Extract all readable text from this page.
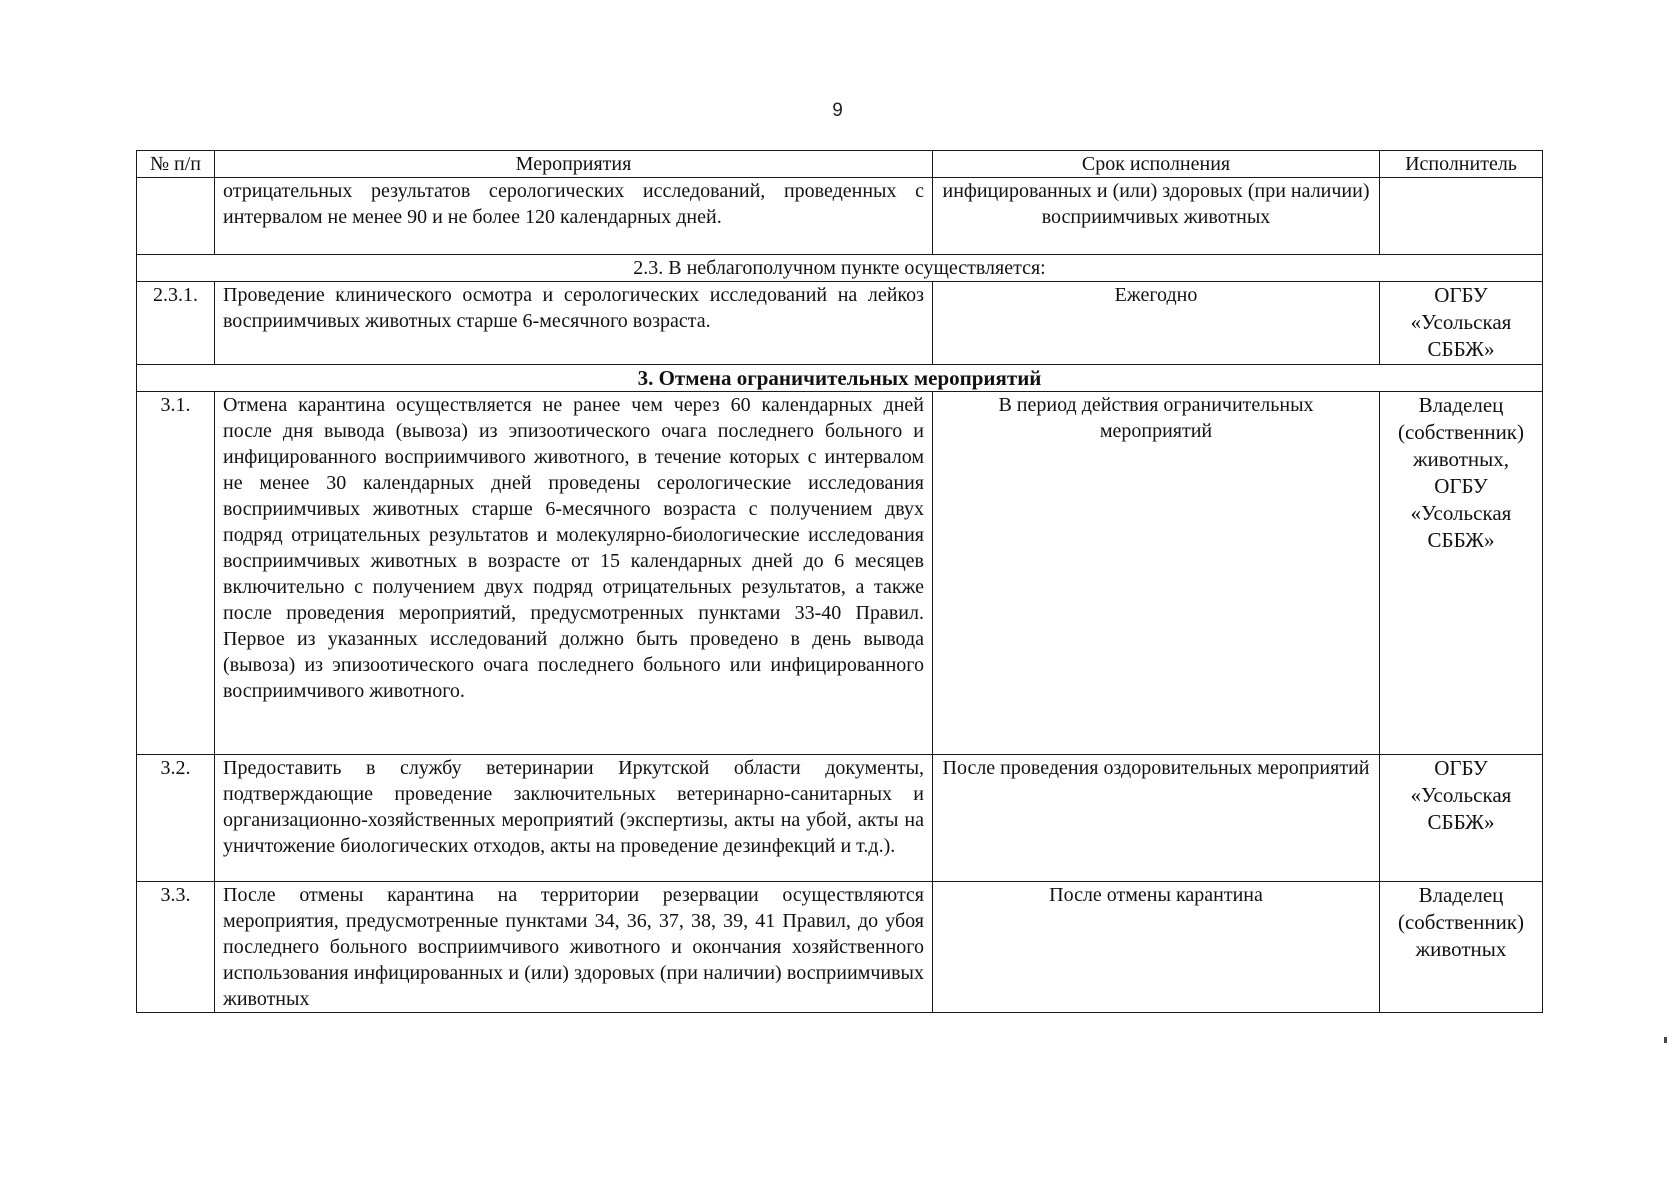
9
№ п/п	Мероприятия	Срок исполнения	Исполнитель
	отрицательных результатов серологических исследований, проведенных с интервалом не менее 90 и не более 120 календарных дней.	инфицированных и (или) здоровых (при наличии) восприимчивых животных	
2.3. В неблагополучном пункте осуществляется:			
2.3.1.	Проведение клинического осмотра и серологических исследований на лейкоз восприимчивых животных старше 6-месячного возраста.	Ежегодно	ОГБУ «Усольская СББЖ»
3. Отмена ограничительных мероприятий			
3.1.	Отмена карантина осуществляется не ранее чем через 60 календарных дней после дня вывода (вывоза) из эпизоотического очага последнего больного и инфицированного восприимчивого животного, в течение которых с интервалом не менее 30 календарных дней проведены серологические исследования восприимчивых животных старше 6-месячного возраста с получением двух подряд отрицательных результатов и молекулярно-биологические исследования восприимчивых животных в возрасте от 15 календарных дней до 6 месяцев включительно с получением двух подряд отрицательных результатов, а также после проведения мероприятий, предусмотренных пунктами 33-40 Правил. Первое из указанных исследований должно быть проведено в день вывода (вывоза) из эпизоотического очага последнего больного или инфицированного восприимчивого животного.	В период действия ограничительных мероприятий	Владелец (собственник) животных, ОГБУ «Усольская СББЖ»
3.2.	Предоставить в службу ветеринарии Иркутской области документы, подтверждающие проведение заключительных ветеринарно-санитарных и организационно-хозяйственных мероприятий (экспертизы, акты на убой, акты на уничтожение биологических отходов, акты на проведение дезинфекций и т.д.).	После проведения оздоровительных мероприятий	ОГБУ «Усольская СББЖ»
3.3.	После отмены карантина на территории резервации осуществляются мероприятия, предусмотренные пунктами 34, 36, 37, 38, 39, 41 Правил, до убоя последнего больного восприимчивого животного и окончания хозяйственного использования инфицированных и (или) здоровых (при наличии) восприимчивых животных	После отмены карантина	Владелец (собственник) животных
